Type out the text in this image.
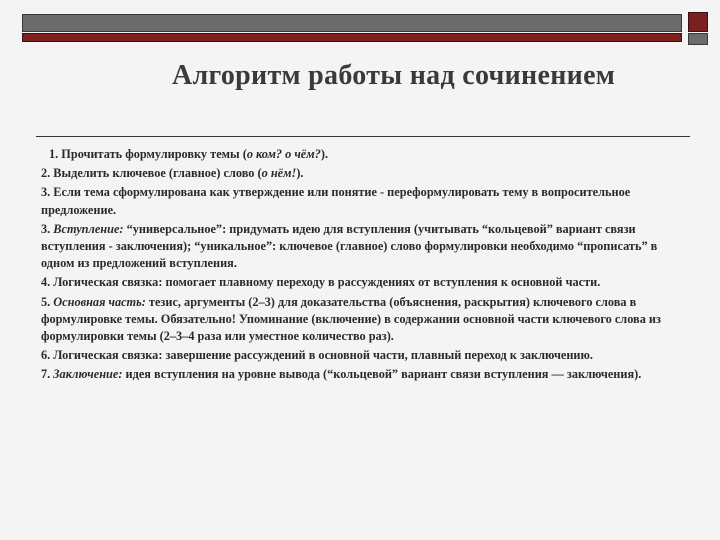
Алгоритм работы над сочинением
1. Прочитать формулировку темы (о ком? о чём?).
2. Выделить ключевое (главное) слово (о нём!).
3. Если тема сформулирована как утверждение или понятие - переформулировать тему в вопросительное предложение.
3. Вступление: “универсальное”: придумать идею для вступления (учитывать “кольцевой” вариант связи вступления - заключения); “уникальное”: ключевое (главное) слово формулировки необходимо “прописать” в одном из предложений вступления.
4. Логическая связка: помогает плавному переходу в рассуждениях от вступления к основной части.
5. Основная часть: тезис, аргументы (2–3) для доказательства (объяснения, раскрытия) ключевого слова в формулировке темы. Обязательно! Упоминание (включение) в содержании основной части ключевого слова из формулировки темы (2–3–4 раза или уместное количество раз).
6. Логическая связка: завершение рассуждений в основной части, плавный переход к заключению.
7. Заключение: идея вступления на уровне вывода (“кольцевой” вариант связи вступления — заключения).
